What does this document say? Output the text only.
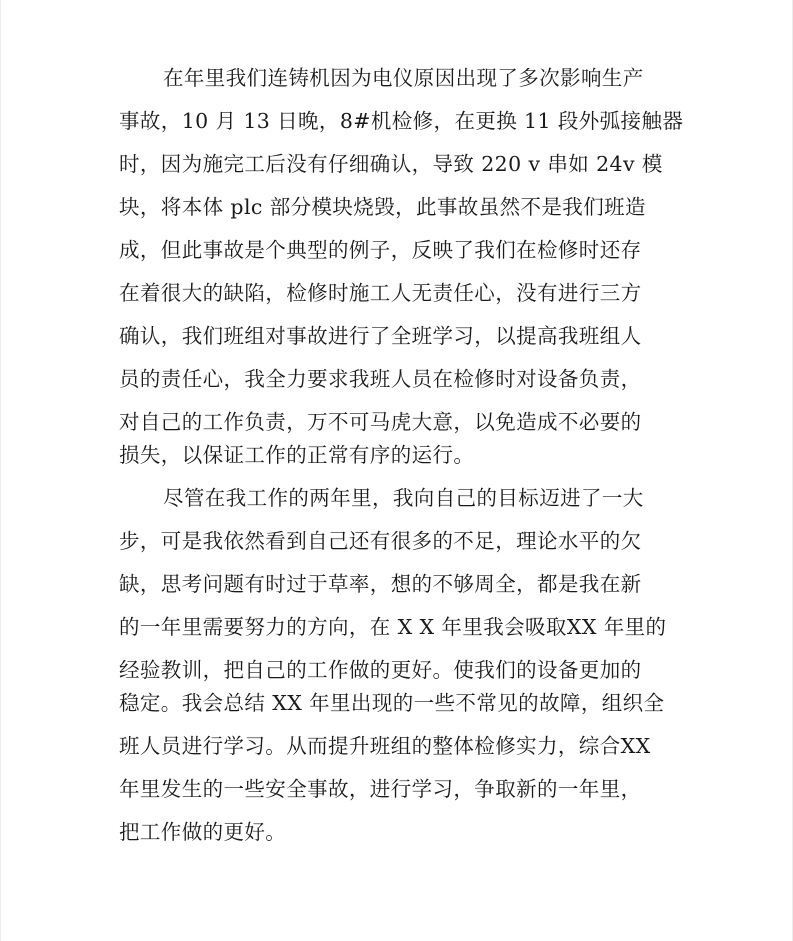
在年里我们连铸机因为电仪原因出现了多次影响生产
事故，10 月 13 日晚，8#机检修，在更换 11 段外弧接触器
时，因为施完工后没有仔细确认，导致 220 v 串如 24v 模
块，将本体 plc 部分模块烧毁，此事故虽然不是我们班造
成，但此事故是个典型的例子，反映了我们在检修时还存
在着很大的缺陷，检修时施工人无责任心，没有进行三方
确认，我们班组对事故进行了全班学习，以提高我班组人
员的责任心，我全力要求我班人员在检修时对设备负责，
对自己的工作负责，万不可马虎大意，以免造成不必要的
损失，以保证工作的正常有序的运行。
尽管在我工作的两年里，我向自己的目标迈进了一大
步，可是我依然看到自己还有很多的不足，理论水平的欠
缺，思考问题有时过于草率，想的不够周全，都是我在新
的一年里需要努力的方向，在 X X 年里我会吸取XX 年里的
经验教训，把自己的工作做的更好。使我们的设备更加的
稳定。我会总结 XX 年里出现的一些不常见的故障，组织全
班人员进行学习。从而提升班组的整体检修实力，综合XX
年里发生的一些安全事故，进行学习，争取新的一年里，
把工作做的更好。
